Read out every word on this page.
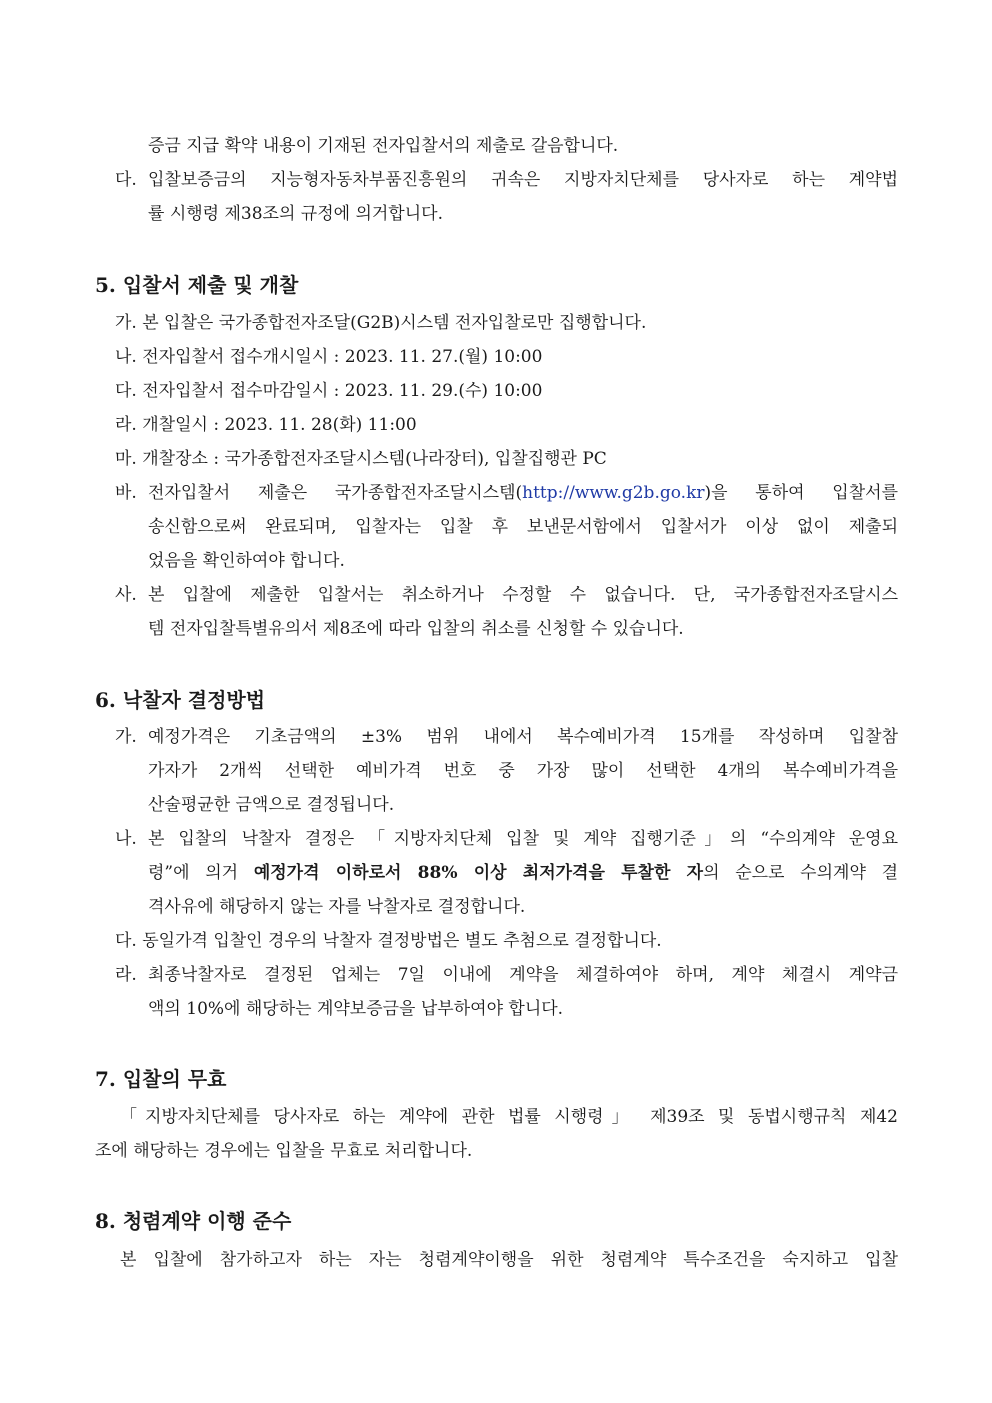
증금 지급 확약 내용이 기재된 전자입찰서의 제출로 갈음합니다.
다. 입찰보증금의 지능형자동차부품진흥원의 귀속은 지방자치단체를 당사자로 하는 계약법
률 시행령 제38조의 규정에 의거합니다.
5. 입찰서 제출 및 개찰
가. 본 입찰은 국가종합전자조달(G2B)시스템 전자입찰로만 집행합니다.
나. 전자입찰서 접수개시일시 : 2023. 11. 27.(월) 10:00
다. 전자입찰서 접수마감일시 : 2023. 11. 29.(수) 10:00
라. 개찰일시 : 2023. 11. 28(화) 11:00
마. 개찰장소 : 국가종합전자조달시스템(나라장터), 입찰집행관 PC
바. 전자입찰서 제출은 국가종합전자조달시스템(http://www.g2b.go.kr)을 통하여 입찰서를
송신함으로써 완료되며, 입찰자는 입찰 후 보낸문서함에서 입찰서가 이상 없이 제출되
었음을 확인하여야 합니다.
사. 본 입찰에 제출한 입찰서는 취소하거나 수정할 수 없습니다. 단, 국가종합전자조달시스
템 전자입찰특별유의서 제8조에 따라 입찰의 취소를 신청할 수 있습니다.
6. 낙찰자 결정방법
가. 예정가격은 기초금액의 ±3% 범위 내에서 복수예비가격 15개를 작성하며 입찰참
가자가 2개씩 선택한 예비가격 번호 중 가장 많이 선택한 4개의 복수예비가격을
산술평균한 금액으로 결정됩니다.
나. 본 입찰의 낙찰자 결정은 「지방자치단체 입찰 및 계약 집행기준」의 “수의계약 운영요
령”에 의거 예정가격 이하로서 88% 이상 최저가격을 투찰한 자의 순으로 수의계약 결
격사유에 해당하지 않는 자를 낙찰자로 결정합니다.
다. 동일가격 입찰인 경우의 낙찰자 결정방법은 별도 추첨으로 결정합니다.
라. 최종낙찰자로 결정된 업체는 7일 이내에 계약을 체결하여야 하며, 계약 체결시 계약금
액의 10%에 해당하는 계약보증금을 납부하여야 합니다.
7. 입찰의 무효
「지방자치단체를 당사자로 하는 계약에 관한 법률 시행령」 제39조 및 동법시행규칙 제42
조에 해당하는 경우에는 입찰을 무효로 처리합니다.
8. 청렴계약 이행 준수
본 입찰에 참가하고자 하는 자는 청렴계약이행을 위한 청렴계약 특수조건을 숙지하고 입찰
